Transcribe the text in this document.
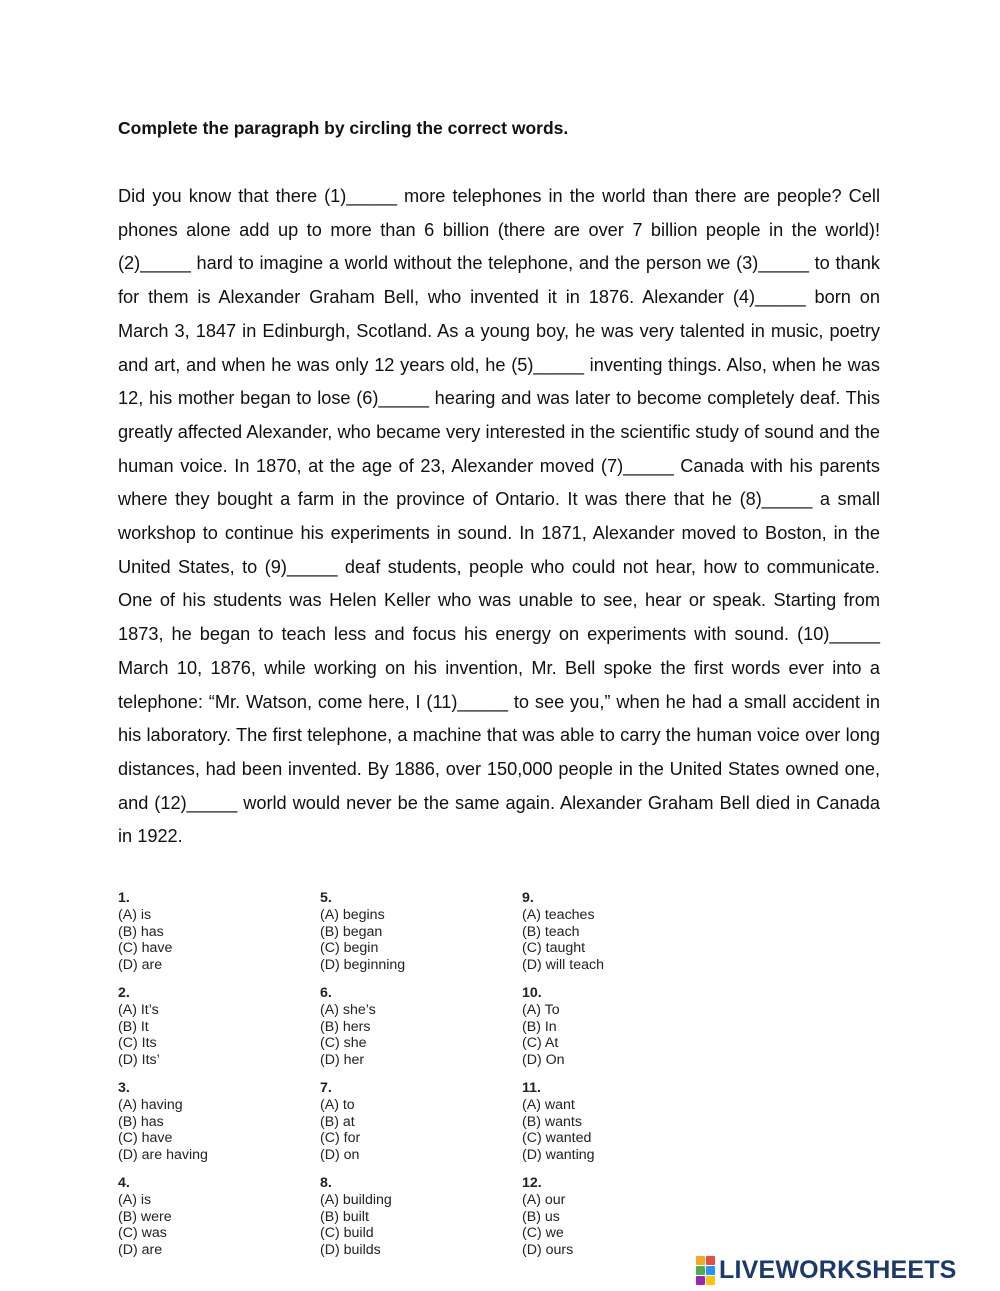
Complete the paragraph by circling the correct words.

Did you know that there (1)_____ more telephones in the world than there are people? Cell phones alone add up to more than 6 billion (there are over 7 billion people in the world)! (2)_____ hard to imagine a world without the telephone, and the person we (3)_____ to thank for them is Alexander Graham Bell, who invented it in 1876. Alexander (4)_____ born on March 3, 1847 in Edinburgh, Scotland. As a young boy, he was very talented in music, poetry and art, and when he was only 12 years old, he (5)_____ inventing things. Also, when he was 12, his mother began to lose (6)_____ hearing and was later to become completely deaf. This greatly affected Alexander, who became very interested in the scientific study of sound and the human voice. In 1870, at the age of 23, Alexander moved (7)_____ Canada with his parents where they bought a farm in the province of Ontario. It was there that he (8)_____ a small workshop to continue his experiments in sound. In 1871, Alexander moved to Boston, in the United States, to (9)_____ deaf students, people who could not hear, how to communicate. One of his students was Helen Keller who was unable to see, hear or speak. Starting from 1873, he began to teach less and focus his energy on experiments with sound. (10)_____ March 10, 1876, while working on his invention, Mr. Bell spoke the first words ever into a telephone: “Mr. Watson, come here, I (11)_____ to see you,” when he had a small accident in his laboratory. The first telephone, a machine that was able to carry the human voice over long distances, had been invented. By 1886, over 150,000 people in the United States owned one, and (12)_____ world would never be the same again. Alexander Graham Bell died in Canada in 1922.

1.

(A) is

(B) has

(C) have

(D) are

5.

(A) begins

(B) began

(C) begin

(D) beginning

9.

(A) teaches

(B) teach

(C) taught

(D) will teach

2.

(A) It’s

(B) It

(C) Its

(D) Its’

6.

(A) she’s

(B) hers

(C) she

(D) her

10.

(A) To

(B) In

(C) At

(D) On

3.

(A) having

(B) has

(C) have

(D) are having

7.

(A) to

(B) at

(C) for

(D) on

11.

(A) want

(B) wants

(C) wanted

(D) wanting

4.

(A) is

(B) were

(C) was

(D) are

8.

(A) building

(B) built

(C) build

(D) builds

12.

(A) our

(B) us

(C) we

(D) ours

LIVEWORKSHEETS
